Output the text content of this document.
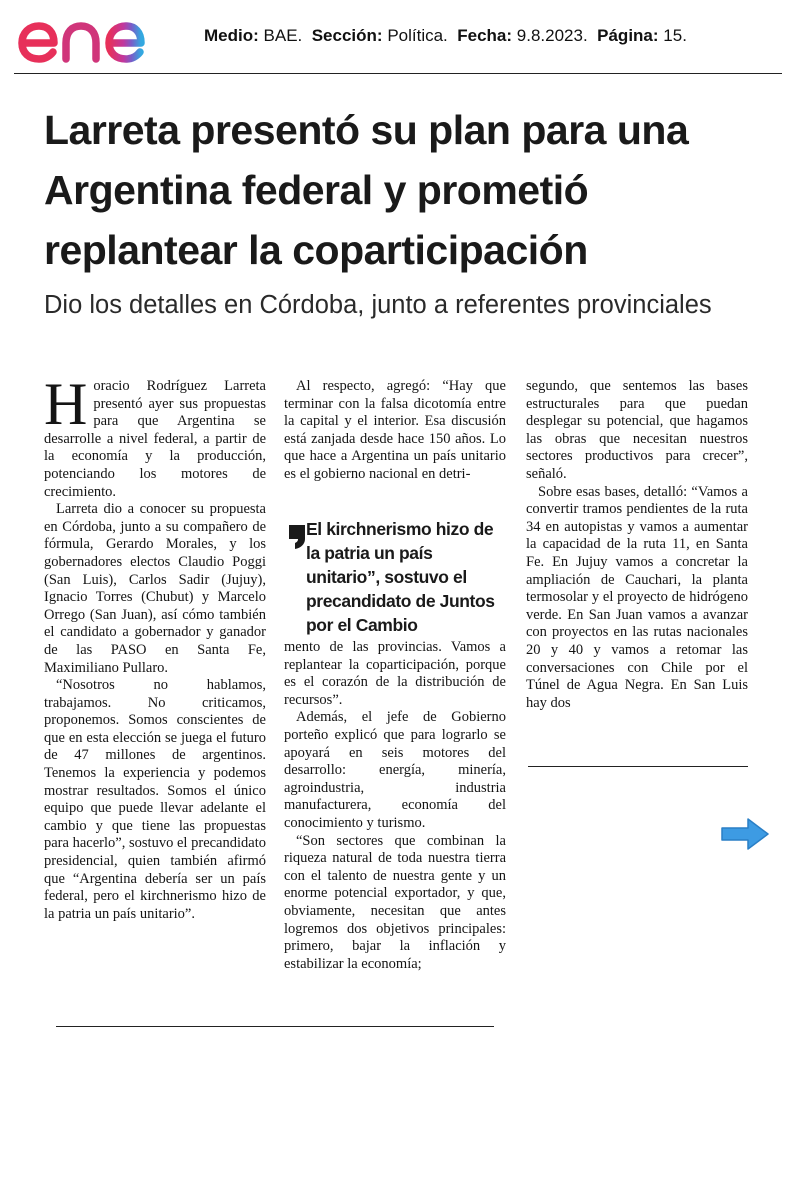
Medio: BAE. Sección: Política. Fecha: 9.8.2023. Página: 15.
Larreta presentó su plan para una Argentina federal y prometió replantear la coparticipación

Dio los detalles en Córdoba, junto a referentes provinciales

Horacio Rodríguez Larreta presentó ayer sus propuestas para que Argentina se desarrolle a nivel federal, a partir de la economía y la producción, potenciando los motores de crecimiento.

Larreta dio a conocer su propuesta en Córdoba, junto a su compañero de fórmula, Gerardo Morales, y los gobernadores electos Claudio Poggi (San Luis), Carlos Sadir (Jujuy), Ignacio Torres (Chubut) y Marcelo Orrego (San Juan), así cómo también el candidato a gobernador y ganador de las PASO en Santa Fe, Maximiliano Pullaro.

“Nosotros no hablamos, trabajamos. No criticamos, proponemos. Somos conscientes de que en esta elección se juega el futuro de 47 millones de argentinos. Tenemos la experiencia y podemos mostrar resultados. Somos el único equipo que puede llevar adelante el cambio y que tiene las propuestas para hacerlo”, sostuvo el precandidato presidencial, quien también afirmó que “Argentina debería ser un país federal, pero el kirchnerismo hizo de la patria un país unitario”.

Al respecto, agregó: “Hay que terminar con la falsa dicotomía entre la capital y el interior. Esa discusión está zanjada desde hace 150 años. Lo que hace a Argentina un país unitario es el gobierno nacional en detri-

El kirchnerismo hizo de la patria un país unitario”, sostuvo el precandidato de Juntos por el Cambio

mento de las provincias. Vamos a replantear la coparticipación, porque es el corazón de la distribución de recursos”.

Además, el jefe de Gobierno porteño explicó que para lograrlo se apoyará en seis motores del desarrollo: energía, minería, agroindustria, industria manufacturera, economía del conocimiento y turismo.

“Son sectores que combinan la riqueza natural de toda nuestra tierra con el talento de nuestra gente y un enorme potencial exportador, y que, obviamente, necesitan que antes logremos dos objetivos principales: primero, bajar la inflación y estabilizar la economía;

segundo, que sentemos las bases estructurales para que puedan desplegar su potencial, que hagamos las obras que necesitan nuestros sectores productivos para crecer”, señaló.

Sobre esas bases, detalló: “Vamos a convertir tramos pendientes de la ruta 34 en autopistas y vamos a aumentar la capacidad de la ruta 11, en Santa Fe. En Jujuy vamos a concretar la ampliación de Cauchari, la planta termosolar y el proyecto de hidrógeno verde. En San Juan vamos a avanzar con proyectos en las rutas nacionales 20 y 40 y vamos a retomar las conversaciones con Chile por el Túnel de Agua Negra. En San Luis hay dos
